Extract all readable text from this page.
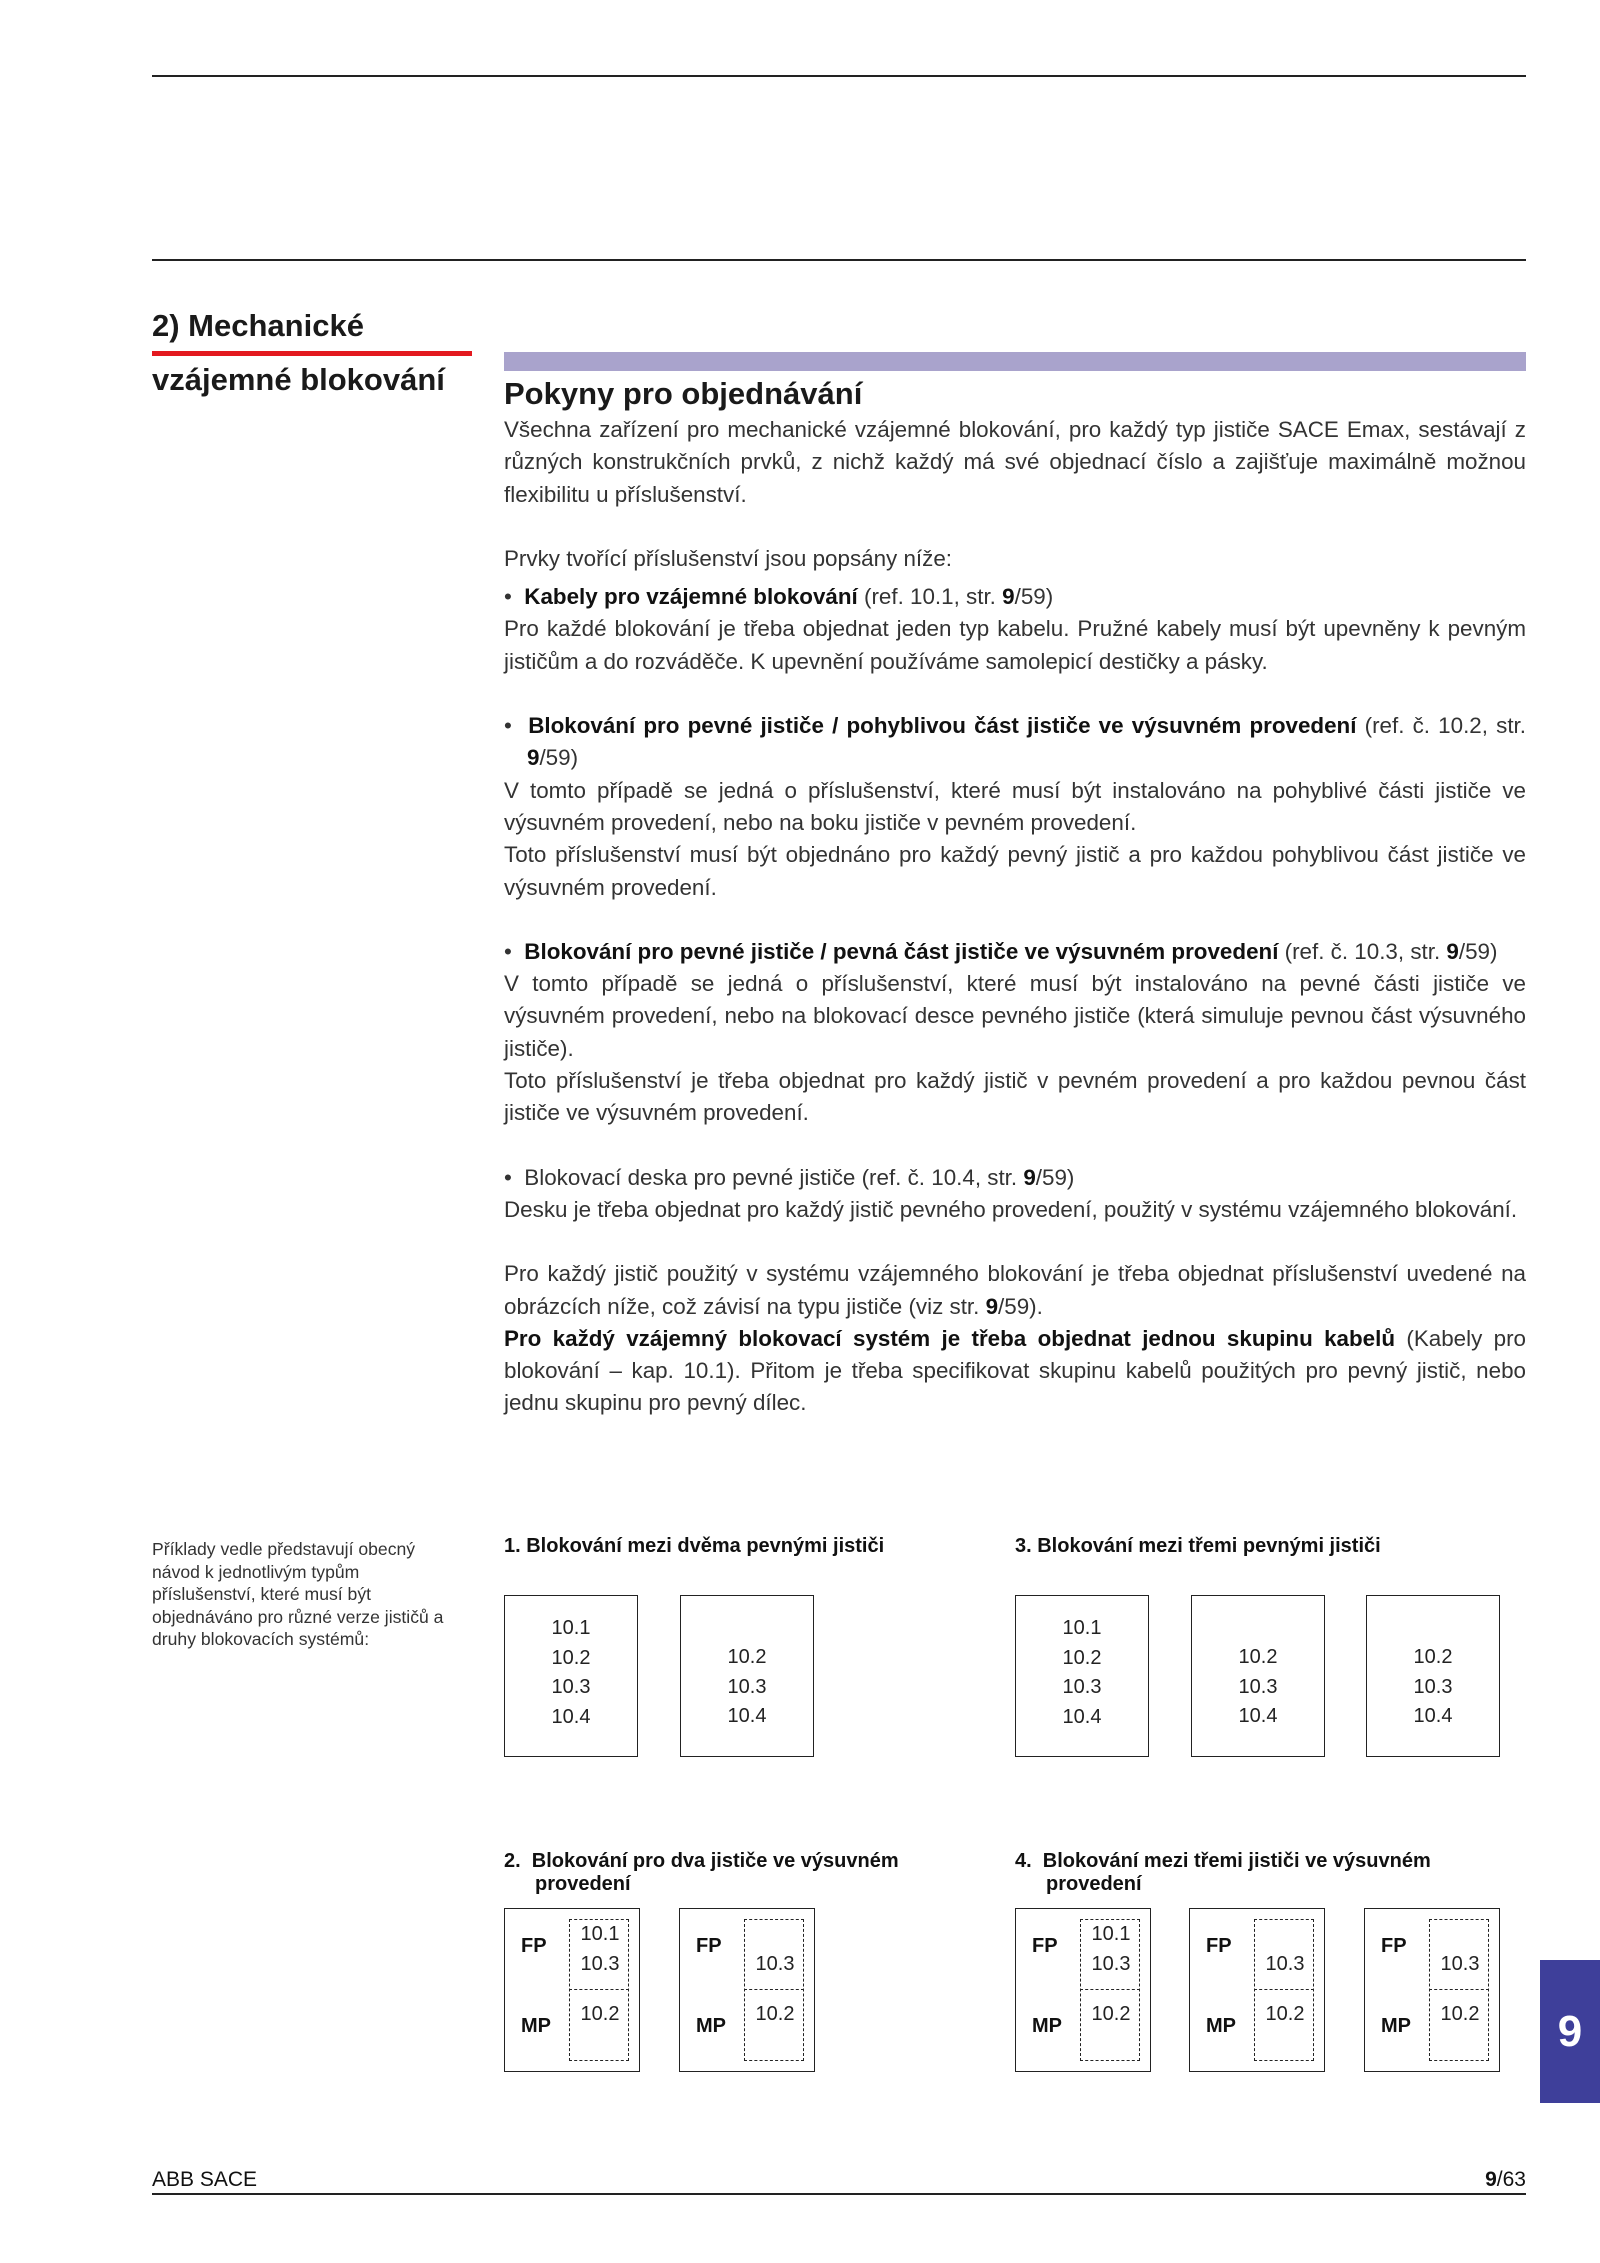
2) Mechanické
vzájemné blokování Pokyny pro objednávání

Všechna zařízení pro mechanické vzájemné blokování, pro každý typ jističe SACE Emax, sestávají z různých konstrukčních prvků, z nichž každý má své objednací číslo a zajišťuje maximálně možnou flexibilitu u příslušenství.

Prvky tvořící příslušenství jsou popsány níže:

• Kabely pro vzájemné blokování (ref. 10.1, str. 9/59)

Pro každé blokování je třeba objednat jeden typ kabelu. Pružné kabely musí být upevněny k pevným jističům a do rozváděče. K upevnění používáme samolepicí destičky a pásky.

• Blokování pro pevné jističe / pohyblivou část jističe ve výsuvném provedení (ref. č. 10.2, str. 9/59)

V tomto případě se jedná o příslušenství, které musí být instalováno na pohyblivé části jističe ve výsuvném provedení, nebo na boku jističe v pevném provedení.

Toto příslušenství musí být objednáno pro každý pevný jistič a pro každou pohyblivou část jističe ve výsuvném provedení.

• Blokování pro pevné jističe / pevná část jističe ve výsuvném provedení (ref. č. 10.3, str. 9/59)

V tomto případě se jedná o příslušenství, které musí být instalováno na pevné části jističe ve výsuvném provedení, nebo na blokovací desce pevného jističe (která simuluje pevnou část výsuvného jističe).

Toto příslušenství je třeba objednat pro každý jistič v pevném provedení a pro každou pevnou část jističe ve výsuvném provedení.

• Blokovací deska pro pevné jističe (ref. č. 10.4, str. 9/59)

Desku je třeba objednat pro každý jistič pevného provedení, použitý v systému vzájemného blokování.

Pro každý jistič použitý v systému vzájemného blokování je třeba objednat příslušenství uvedené na obrázcích níže, což závisí na typu jističe (viz str. 9/59).

Pro každý vzájemný blokovací systém je třeba objednat jednou skupinu kabelů (Kabely pro blokování – kap. 10.1). Přitom je třeba specifikovat skupinu kabelů použitých pro pevný jistič, nebo jednu skupinu pro pevný dílec.

Příklady vedle představují obecný návod k jednotlivým typům příslušenství, které musí být objednáváno pro různé verze jističů a druhy blokovacích systémů:
1. Blokování mezi dvěma pevnými jističi
10.1
10.2
10.3
10.4
10.2
10.3
10.4
3. Blokování mezi třemi pevnými jističi
10.1
10.2
10.3
10.4
10.2
10.3
10.4
10.2
10.3
10.4
2.  Blokování pro dva jističe ve výsuvném
provedení
FP
MP
10.1
10.3
10.2
FP
MP
10.3
10.2
4.  Blokování mezi třemi jističi ve výsuvném
provedení
FP
MP
10.1
10.3
10.2
FP
MP
10.3
10.2
FP
MP
10.3
10.2	9
ABB SACE	9/63
